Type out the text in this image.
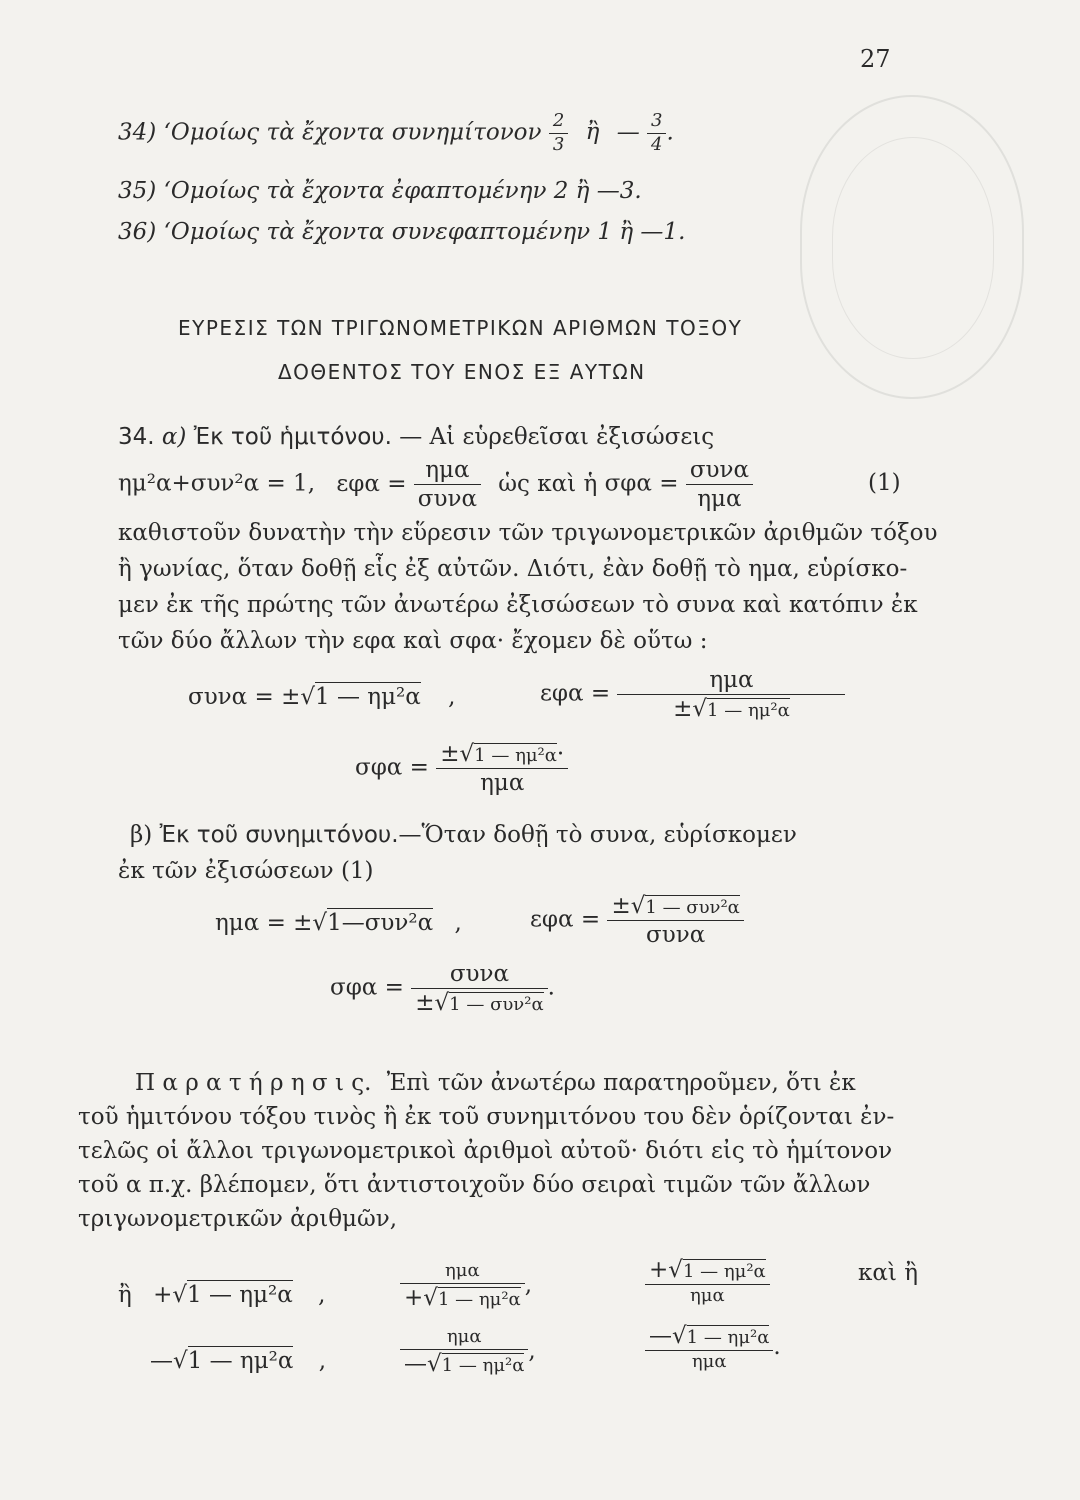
27
34) ‘Ομοίως τὰ ἔχοντα συνημίτονον $\frac{2}{3}$ ἢ — $\frac{3}{4}$ .
35) ‘Ομοίως τὰ ἔχοντα ἐφαπτομένην 2 ἢ —3.
36) ‘Ομοίως τὰ ἔχοντα συνεφαπτομένην 1 ἢ —1.
ΕΥΡΕΣΙΣ ΤΩΝ ΤΡΙΓΩΝΟΜΕΤΡΙΚΩΝ ΑΡΙΘΜΩΝ ΤΟΞΟΥ
ΔΟΘΕΝΤΟΣ ΤΟΥ ΕΝΟΣ ΕΞ ΑΥΤΩΝ
34. α) Ἐκ τοῦ ἡμιτόνου. — Αἱ εὑρεθεῖσαι ἐξισώσεις
ημ²α+συν²α = 1, $\varepsilon\varphi\alpha = \frac{\text{ημα}}{\text{συνα}}$ ὡς καὶ ἡ $\sigma\varphi\alpha = \frac{\text{συνα}}{\text{ημα}}$	(1)
καθιστοῦν δυνατὴν τὴν εὕρεσιν τῶν τριγωνομετρικῶν ἀριθμῶν τόξου
ἢ γωνίας, ὅταν δοθῇ εἷς ἐξ αὐτῶν. Διότι, ἐὰν δοθῇ τὸ ημα, εὑρίσκο-
μεν ἐκ τῆς πρώτης τῶν ἀνωτέρω ἐξισώσεων τὸ συνα καὶ κατόπιν ἐκ
τῶν δύο ἄλλων τὴν εφα καὶ σφα· ἔχομεν δὲ οὕτω :
συνα = ±√1 — ημ²α ,	$\varepsilon\varphi\alpha = \frac{\text{ημα}}{\text{±√1 — ημ²α}}$
$\sigma\varphi\alpha = \frac{\text{±√1 — ημ²α·}}{\text{ημα}}$
β) Ἐκ τοῦ συνημιτόνου.—Ὅταν δοθῇ τὸ συνα, εὑρίσκομεν
ἐκ τῶν ἐξισώσεων (1)
ημα = ±√1—συν²α ,	$\varepsilon\varphi\alpha = \frac{\text{±√1 — συν²α}}{\text{συνα}}$
$\sigma\varphi\alpha = \frac{\text{συνα}}{\text{±√1 — συν²α}}$ .
Π α ρ α τ ή ρ η σ ι ς. Ἐπὶ τῶν ἀνωτέρω παρατηροῦμεν, ὅτι ἐκ
τοῦ ἡμιτόνου τόξου τινὸς ἢ ἐκ τοῦ συνημιτόνου του δὲν ὁρίζονται ἐν-
τελῶς οἱ ἄλλοι τριγωνομετρικοὶ ἀριθμοὶ αὐτοῦ· διότι εἰς τὸ ἡμίτονον
τοῦ α π.χ. βλέπομεν, ὅτι ἀντιστοιχοῦν δύο σειραὶ τιμῶν τῶν ἄλλων
τριγωνομετρικῶν ἀριθμῶν,
ἢ +√1 — ημ²α ,	$\frac{\text{ημα}}{\text{+√1 — ημ²α}}$ ,	$\frac{\text{+√1 — ημ²α}}{\text{ημα}}$	καὶ ἢ
—√1 — ημ²α ,	$\frac{\text{ημα}}{\text{—√1 — ημ²α}}$ ,	$\frac{\text{—√1 — ημ²α}}{\text{ημα}}$ .
